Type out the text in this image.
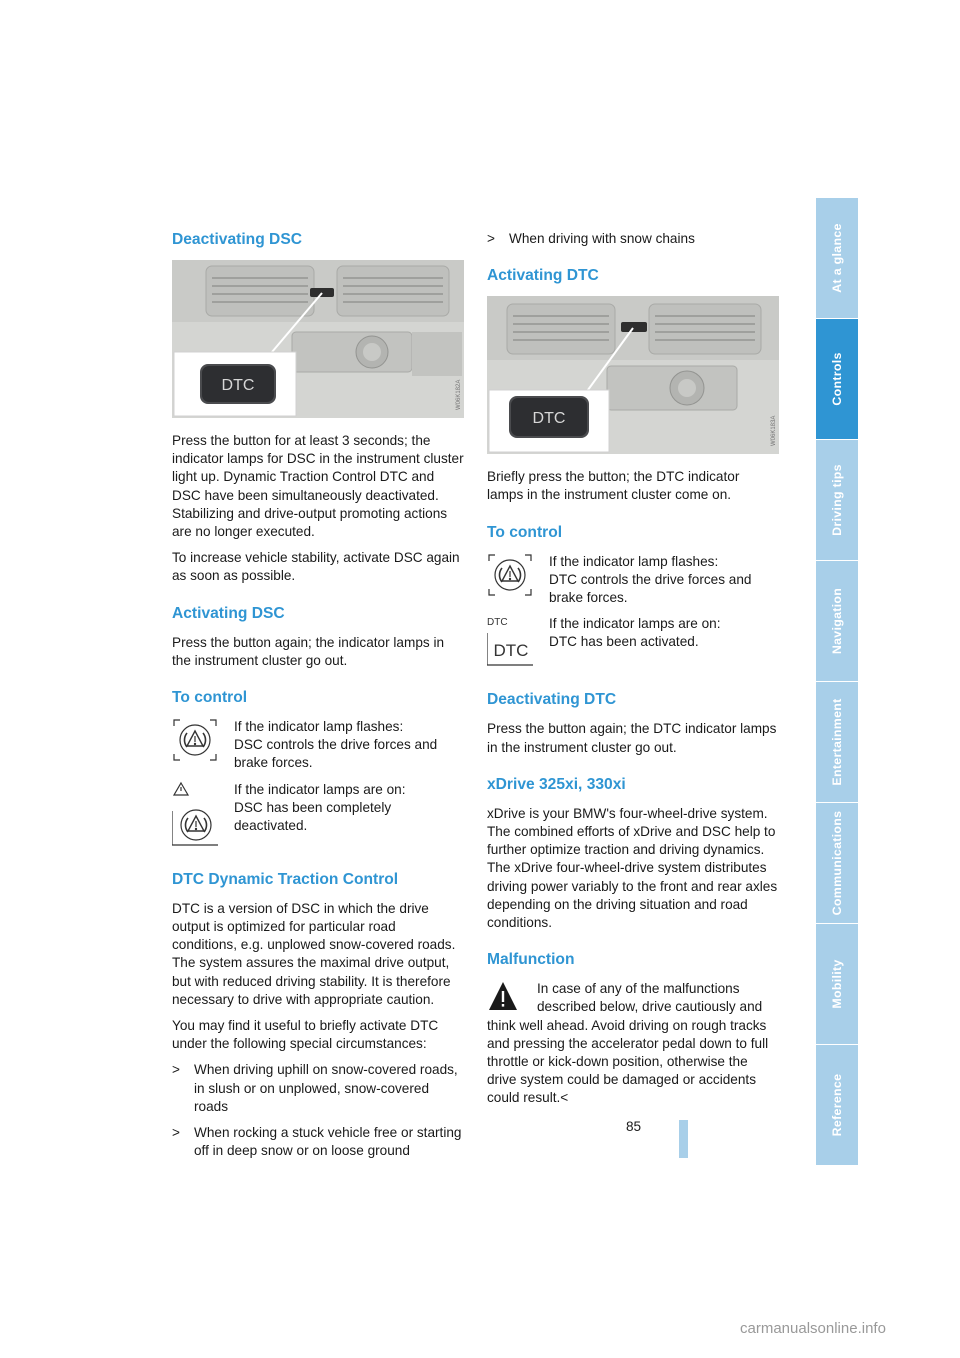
Deactivating DSC
DTC	W06K182A

Press the button for at least 3 seconds; the indicator lamps for DSC in the instrument cluster light up. Dynamic Traction Control DTC and DSC have been simultaneously deactivated. Stabilizing and drive-output promoting actions are no longer executed.

To increase vehicle stability, activate DSC again as soon as possible.

Activating DSC

Press the button again; the indicator lamps in the instrument cluster go out.

To control
If the indicator lamp flashes:
DSC controls the drive forces and brake forces.
If the indicator lamps are on:
DSC has been completely deactivated.
DTC Dynamic Traction Control

DTC is a version of DSC in which the drive output is optimized for particular road conditions, e.g. unplowed snow-covered roads. The system assures the maximal drive output, but with reduced driving stability. It is therefore necessary to drive with appropriate caution.

You may find it useful to briefly activate DTC under the following special circumstances:

>	When driving uphill on snow-covered roads, in slush or on unplowed, snow-covered roads
>	When rocking a stuck vehicle free or starting off in deep snow or on loose ground
>	When driving with snow chains
Activating DTC
DTC	W06K183A

Briefly press the button; the DTC indicator lamps in the instrument cluster come on.

To control
If the indicator lamp flashes:
DTC controls the drive forces and brake forces.
DTC
DTC
If the indicator lamps are on:
DTC has been activated.
Deactivating DTC

Press the button again; the DTC indicator lamps in the instrument cluster go out.

xDrive 325xi, 330xi

xDrive is your BMW's four-wheel-drive system. The combined efforts of xDrive and DSC help to further optimize traction and driving dynamics. The xDrive four-wheel-drive system distributes driving power variably to the front and rear axles depending on the driving situation and road conditions.

Malfunction
In case of any of the malfunctions described below, drive cautiously and think well ahead. Avoid driving on rough tracks and pressing the accelerator pedal down to full throttle or kick-down position, otherwise the drive system could be damaged or accidents could result.<
At a glance
Controls
Driving tips
Navigation
Entertainment
Communications
Mobility
Reference
85
carmanualsonline.info
